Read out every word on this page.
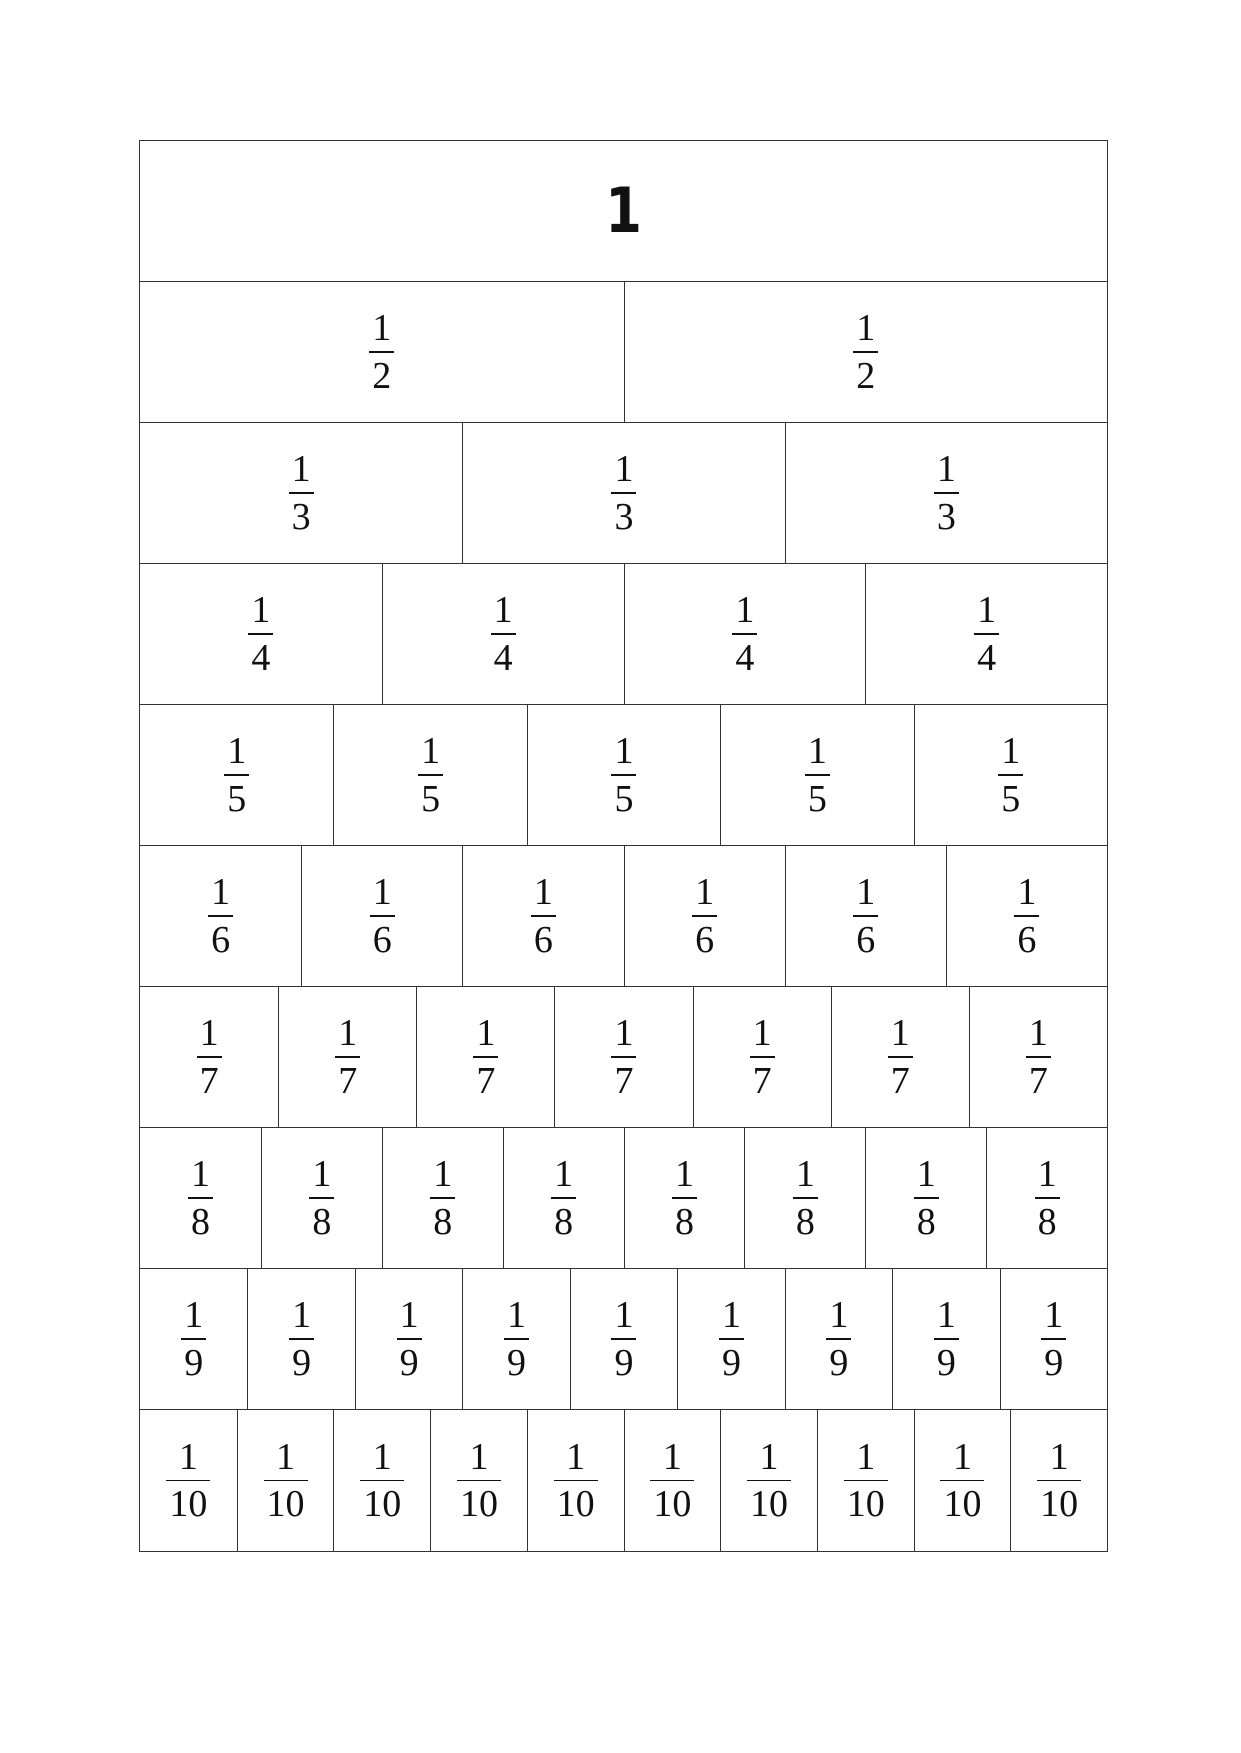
1
$\frac{1}{2}$	$\frac{1}{2}$
$\frac{1}{3}$	$\frac{1}{3}$	$\frac{1}{3}$
$\frac{1}{4}$	$\frac{1}{4}$	$\frac{1}{4}$	$\frac{1}{4}$
$\frac{1}{5}$	$\frac{1}{5}$	$\frac{1}{5}$	$\frac{1}{5}$	$\frac{1}{5}$
$\frac{1}{6}$	$\frac{1}{6}$	$\frac{1}{6}$	$\frac{1}{6}$	$\frac{1}{6}$	$\frac{1}{6}$
$\frac{1}{7}$	$\frac{1}{7}$	$\frac{1}{7}$	$\frac{1}{7}$	$\frac{1}{7}$	$\frac{1}{7}$	$\frac{1}{7}$
$\frac{1}{8}$	$\frac{1}{8}$	$\frac{1}{8}$	$\frac{1}{8}$	$\frac{1}{8}$	$\frac{1}{8}$	$\frac{1}{8}$	$\frac{1}{8}$
$\frac{1}{9} \frac{1}{9} \frac{1}{9} \frac{1}{9} \frac{1}{9} \frac{1}{9} \frac{1}{9} \frac{1}{9} \frac{1}{9}$
$\frac{1}{10} \frac{1}{10} \frac{1}{10} \frac{1}{10} \frac{1}{10} \frac{1}{10} \frac{1}{10} \frac{1}{10} \frac{1}{10} \frac{1}{10}$
